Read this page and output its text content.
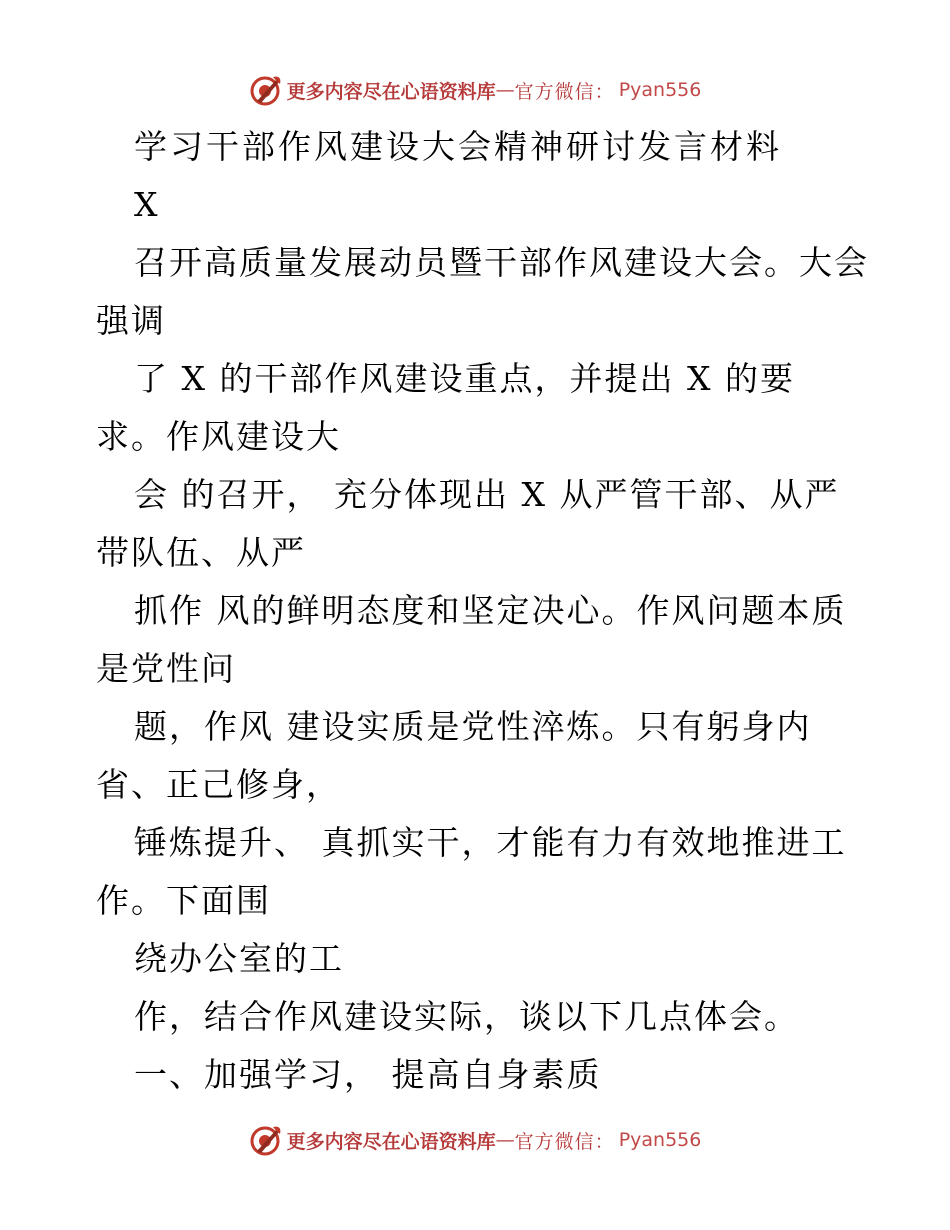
更多内容尽在心语资料库 — 官方微信： Pyan556
学习干部作风建设大会精神研讨发言材料
X
召开高质量发展动员暨干部作风建设大会。大会
强调
了 X 的干部作风建设重点，并提出 X 的要
求。作风建设大
会 的召开， 充分体现出 X 从严管干部、从严
带队伍、从严
抓作 风的鲜明态度和坚定决心。作风问题本质
是党性问
题，作风 建设实质是党性淬炼。只有躬身内
省、正己修身，
锤炼提升、 真抓实干，才能有力有效地推进工
作。下面围
绕办公室的工
作，结合作风建设实际，谈以下几点体会。
一、加强学习， 提高自身素质
更多内容尽在心语资料库 — 官方微信： Pyan556
